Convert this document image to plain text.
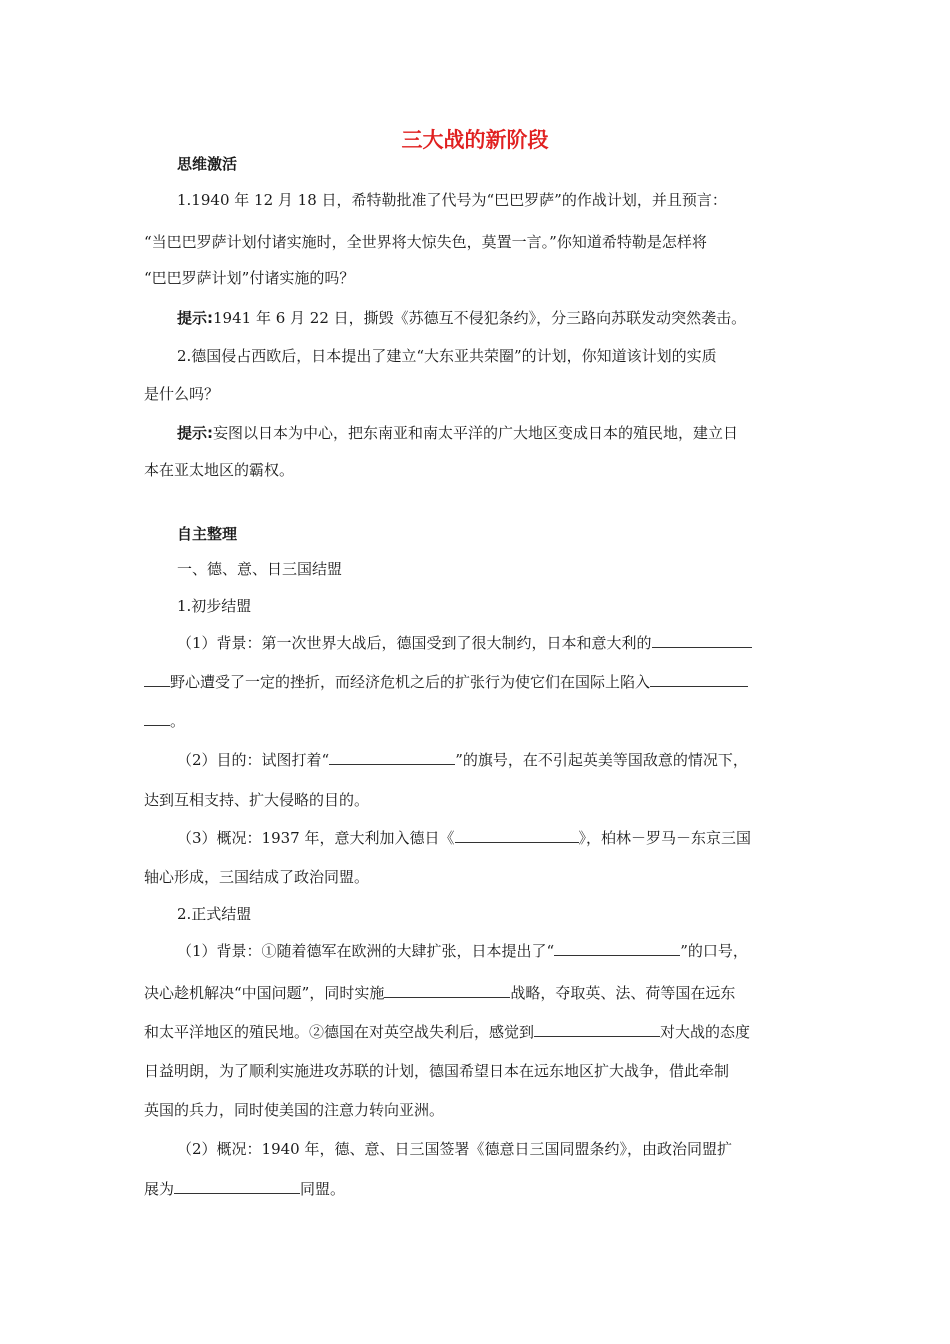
三大战的新阶段
思维激活
1.1940 年 12 月 18 日，希特勒批准了代号为“巴巴罗萨”的作战计划，并且预言：
“当巴巴罗萨计划付诸实施时，全世界将大惊失色，莫置一言。”你知道希特勒是怎样将
“巴巴罗萨计划”付诸实施的吗？
提示:1941 年 6 月 22 日，撕毁《苏德互不侵犯条约》，分三路向苏联发动突然袭击。
2.德国侵占西欧后，日本提出了建立“大东亚共荣圈”的计划，你知道该计划的实质
是什么吗？
提示:妄图以日本为中心，把东南亚和南太平洋的广大地区变成日本的殖民地，建立日
本在亚太地区的霸权。
自主整理
一、德、意、日三国结盟
1.初步结盟
（1）背景：第一次世界大战后，德国受到了很大制约，日本和意大利的
野心遭受了一定的挫折，而经济危机之后的扩张行为使它们在国际上陷入
。
（2）目的：试图打着“	”的旗号，在不引起英美等国敌意的情况下，
达到互相支持、扩大侵略的目的。
（3）概况：1937 年，意大利加入德日《	》，柏林－罗马－东京三国
轴心形成，三国结成了政治同盟。
2.正式结盟
（1）背景：①随着德军在欧洲的大肆扩张，日本提出了“	”的口号，
决心趁机解决“中国问题”，同时实施	战略，夺取英、法、荷等国在远东
和太平洋地区的殖民地。②德国在对英空战失利后，感觉到	对大战的态度
日益明朗，为了顺利实施进攻苏联的计划，德国希望日本在远东地区扩大战争，借此牵制
英国的兵力，同时使美国的注意力转向亚洲。
（2）概况：1940 年，德、意、日三国签署《德意日三国同盟条约》，由政治同盟扩
展为	同盟。
